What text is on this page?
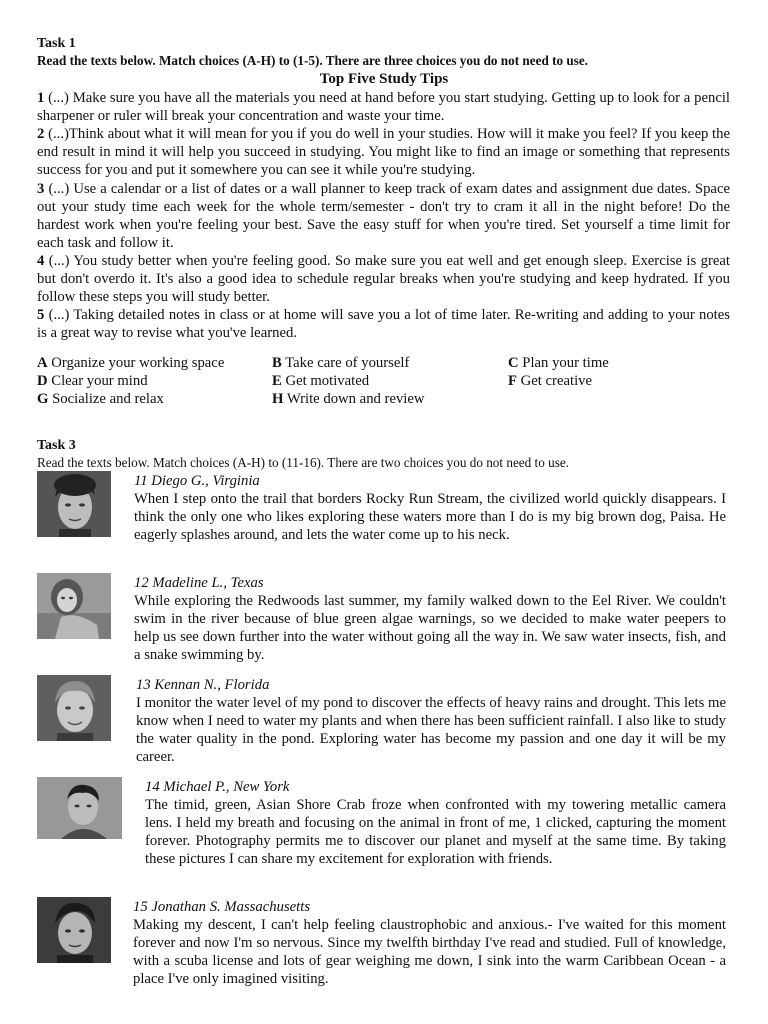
Task 1
Read the texts below. Match choices (A-H) to (1-5). There are three choices you do not need to use.
Top Five Study Tips
1 (...) Make sure you have all the materials you need at hand before you start studying. Getting up to look for a pencil sharpener or ruler will break your concentration and waste your time.
2 (...)Think about what it will mean for you if you do well in your studies. How will it make you feel? If you keep the end result in mind it will help you succeed in studying. You might like to find an image or something that represents success for you and put it somewhere you can see it while you're studying.
3 (...) Use a calendar or a list of dates or a wall planner to keep track of exam dates and assignment due dates. Space out your study time each week for the whole term/semester - don't try to cram it all in the night before! Do the hardest work when you're feeling your best. Save the easy stuff for when you're tired. Set yourself a time limit for each task and follow it.
4 (...) You study better when you're feeling good. So make sure you eat well and get enough sleep. Exercise is great but don't overdo it. It's also a good idea to schedule regular breaks when you're studying and keep hydrated. If you follow these steps you will study better.
5 (...) Taking detailed notes in class or at home will save you a lot of time later. Re-writing and adding to your notes is a great way to revise what you've learned.
A Organize your working space	B Take care of yourself	C Plan your time
D Clear your mind	E Get motivated	F Get creative
G Socialize and relax	H Write down and review
Task 3
Read the texts below. Match choices (A-H) to (11-16). There are two choices you do not need to use.
11 Diego G., Virginia
When I step onto the trail that borders Rocky Run Stream, the civilized world quickly disappears. I think the only one who likes exploring these waters more than I do is my big brown dog, Paisa. He eagerly splashes around, and lets the water come up to his neck.
12 Madeline L., Texas
While exploring the Redwoods last summer, my family walked down to the Eel River. We couldn't swim in the river because of blue green algae warnings, so we decided to make water peepers to help us see down further into the water without going all the way in. We saw water insects, fish, and a snake swimming by.
13 Kennan N., Florida
I monitor the water level of my pond to discover the effects of heavy rains and drought. This lets me know when I need to water my plants and when there has been sufficient rainfall. I also like to study the water quality in the pond. Exploring water has become my passion and one day it will be my career.
14 Michael P., New York
The timid, green, Asian Shore Crab froze when confronted with my towering metallic camera lens. I held my breath and focusing on the animal in front of me, 1 clicked, capturing the moment forever. Photography permits me to discover our planet and myself at the same time. By taking these pictures I can share my excitement for exploration with friends.
15 Jonathan S. Massachusetts
Making my descent, I can't help feeling claustrophobic and anxious.- I've waited for this moment forever and now I'm so nervous. Since my twelfth birthday I've read and studied. Full of knowledge, with a scuba license and lots of gear weighing me down, I sink into the warm Caribbean Ocean - a place I've only imagined visiting.
